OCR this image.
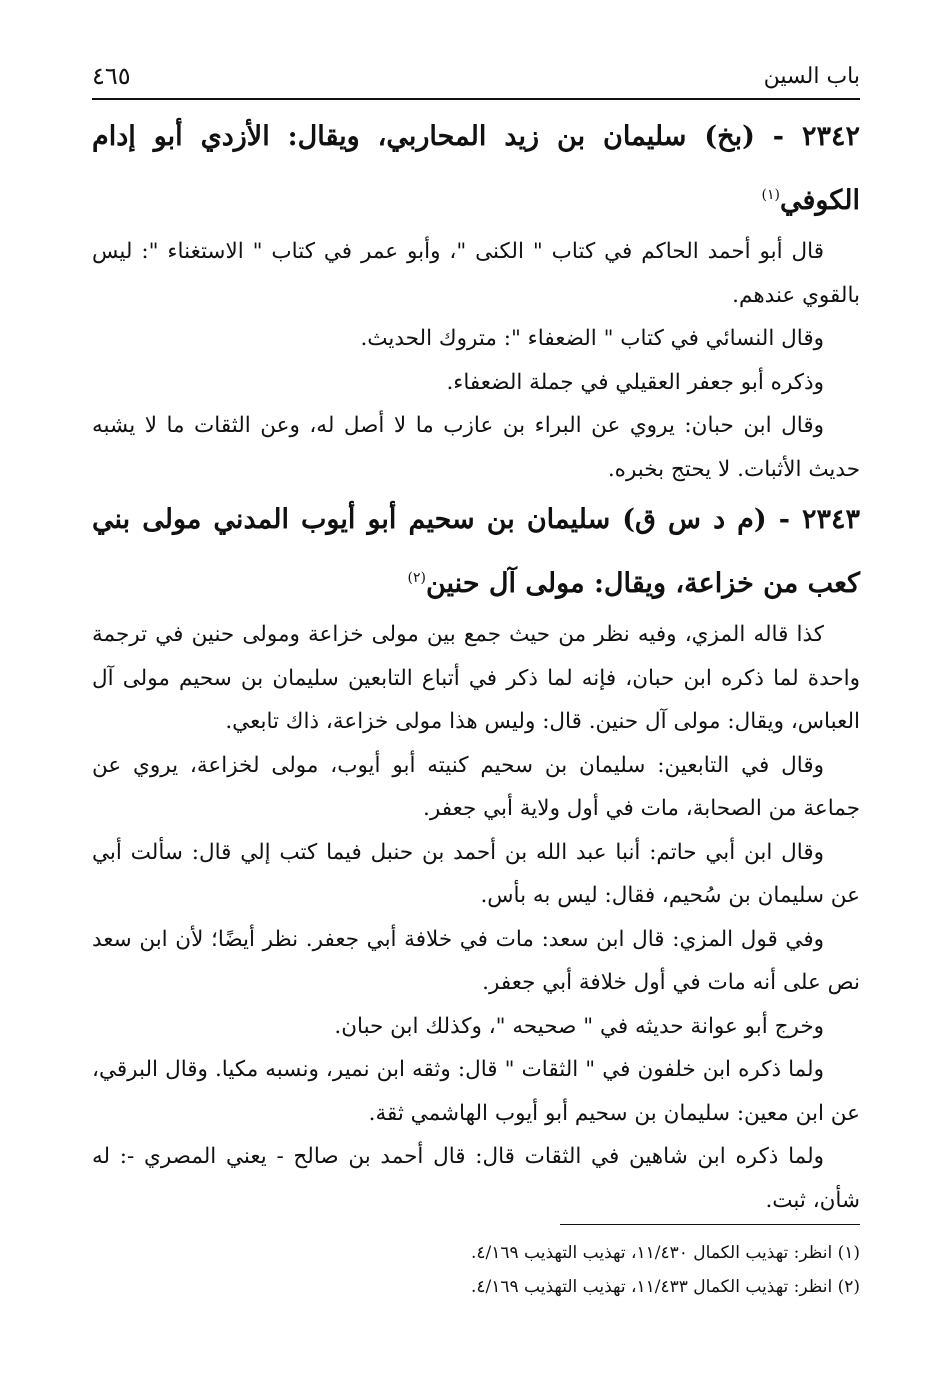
باب السين
٤٦٥
٢٣٤٢ - (بخ) سليمان بن زيد المحاربي، ويقال: الأزدي أبو إدام الكوفي$^{(١)}$

قال أبو أحمد الحاكم في كتاب " الكنى "، وأبو عمر في كتاب " الاستغناء ": ليس بالقوي عندهم.

وقال النسائي في كتاب " الضعفاء ": متروك الحديث.

وذكره أبو جعفر العقيلي في جملة الضعفاء.

وقال ابن حبان: يروي عن البراء بن عازب ما لا أصل له، وعن الثقات ما لا يشبه حديث الأثبات. لا يحتج بخبره.

٢٣٤٣ - (م د س ق) سليمان بن سحيم أبو أيوب المدني مولى بني كعب من خزاعة، ويقال: مولى آل حنين$^{(٢)}$

كذا قاله المزي، وفيه نظر من حيث جمع بين مولى خزاعة ومولى حنين في ترجمة واحدة لما ذكره ابن حبان، فإنه لما ذكر في أتباع التابعين سليمان بن سحيم مولى آل العباس، ويقال: مولى آل حنين. قال: وليس هذا مولى خزاعة، ذاك تابعي.

وقال في التابعين: سليمان بن سحيم كنيته أبو أيوب، مولى لخزاعة، يروي عن جماعة من الصحابة، مات في أول ولاية أبي جعفر.

وقال ابن أبي حاتم: أنبا عبد الله بن أحمد بن حنبل فيما كتب إلي قال: سألت أبي عن سليمان بن سُحيم، فقال: ليس به بأس.

وفي قول المزي: قال ابن سعد: مات في خلافة أبي جعفر. نظر أيضًا؛ لأن ابن سعد نص على أنه مات في أول خلافة أبي جعفر.

وخرج أبو عوانة حديثه في " صحيحه "، وكذلك ابن حبان.

ولما ذكره ابن خلفون في " الثقات " قال: وثقه ابن نمير، ونسبه مكيا. وقال البرقي، عن ابن معين: سليمان بن سحيم أبو أيوب الهاشمي ثقة.

ولما ذكره ابن شاهين في الثقات قال: قال أحمد بن صالح - يعني المصري -: له شأن، ثبت.

(١) انظر: تهذيب الكمال ١١/٤٣٠، تهذيب التهذيب ٤/١٦٩.
(٢) انظر: تهذيب الكمال ١١/٤٣٣، تهذيب التهذيب ٤/١٦٩.
